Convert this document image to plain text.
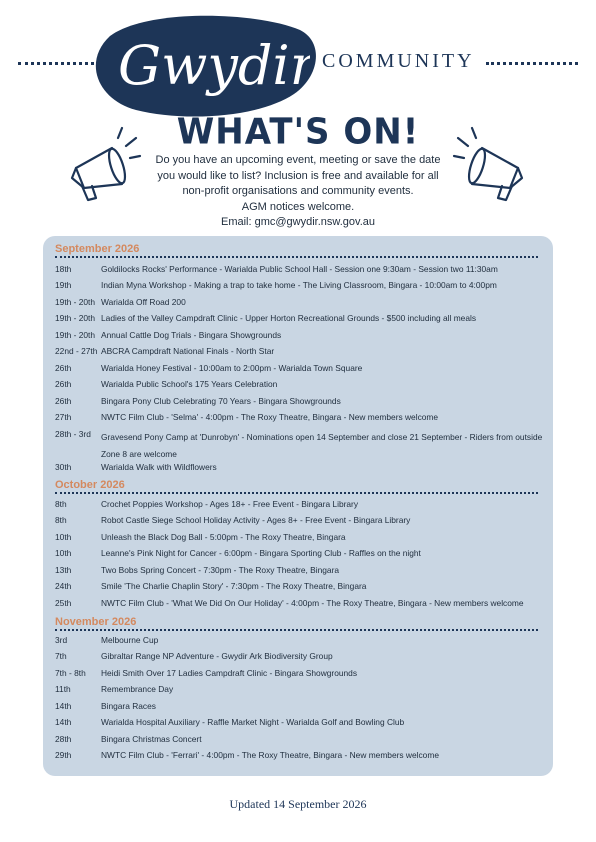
Gwydir COMMUNITY
WHAT'S ON!
Do you have an upcoming event, meeting or save the date
you would like to list? Inclusion is free and available for all
non-profit organisations and community events.
AGM notices welcome.
Email: gmc@gwydir.nsw.gov.au
September 2026
18th	Goldilocks Rocks' Performance - Warialda Public School Hall - Session one 9:30am - Session two 11:30am
19th	Indian Myna Workshop - Making a trap to take home - The Living Classroom, Bingara - 10:00am to 4:00pm
19th - 20th Warialda Off Road 200
19th - 20th Ladies of the Valley Campdraft Clinic - Upper Horton Recreational Grounds - $500 including all meals
19th - 20th Annual Cattle Dog Trials - Bingara Showgrounds
22nd - 27th ABCRA Campdraft National Finals - North Star
26th	Warialda Honey Festival - 10:00am to 2:00pm - Warialda Town Square
26th	Warialda Public School's 175 Years Celebration
26th	Bingara Pony Club Celebrating 70 Years - Bingara Showgrounds
27th	NWTC Film Club - 'Selma' - 4:00pm - The Roxy Theatre, Bingara - New members welcome
28th - 3rd Gravesend Pony Camp at 'Dunrobyn' - Nominations open 14 September and close 21 September - Riders from outside Zone 8 are welcome
30th	Warialda Walk with Wildflowers
October 2026
8th	Crochet Poppies Workshop - Ages 18+ - Free Event - Bingara Library
8th	Robot Castle Siege School Holiday Activity - Ages 8+ - Free Event - Bingara Library
10th	Unleash the Black Dog Ball - 5:00pm - The Roxy Theatre, Bingara
10th	Leanne's Pink Night for Cancer - 6:00pm - Bingara Sporting Club - Raffles on the night
13th	Two Bobs Spring Concert - 7:30pm - The Roxy Theatre, Bingara
24th	Smile 'The Charlie Chaplin Story' - 7:30pm - The Roxy Theatre, Bingara
25th	NWTC Film Club - 'What We Did On Our Holiday' - 4:00pm - The Roxy Theatre, Bingara - New members welcome
November 2026
3rd	Melbourne Cup
7th	Gibraltar Range NP Adventure - Gwydir Ark Biodiversity Group
7th - 8th Heidi Smith Over 17 Ladies Campdraft Clinic - Bingara Showgrounds
11th	Remembrance Day
14th	Bingara Races
14th	Warialda Hospital Auxiliary - Raffle Market Night - Warialda Golf and Bowling Club
28th	Bingara Christmas Concert
29th	NWTC Film Club - 'Ferrari' - 4:00pm - The Roxy Theatre, Bingara - New members welcome
Updated 14 September 2026
